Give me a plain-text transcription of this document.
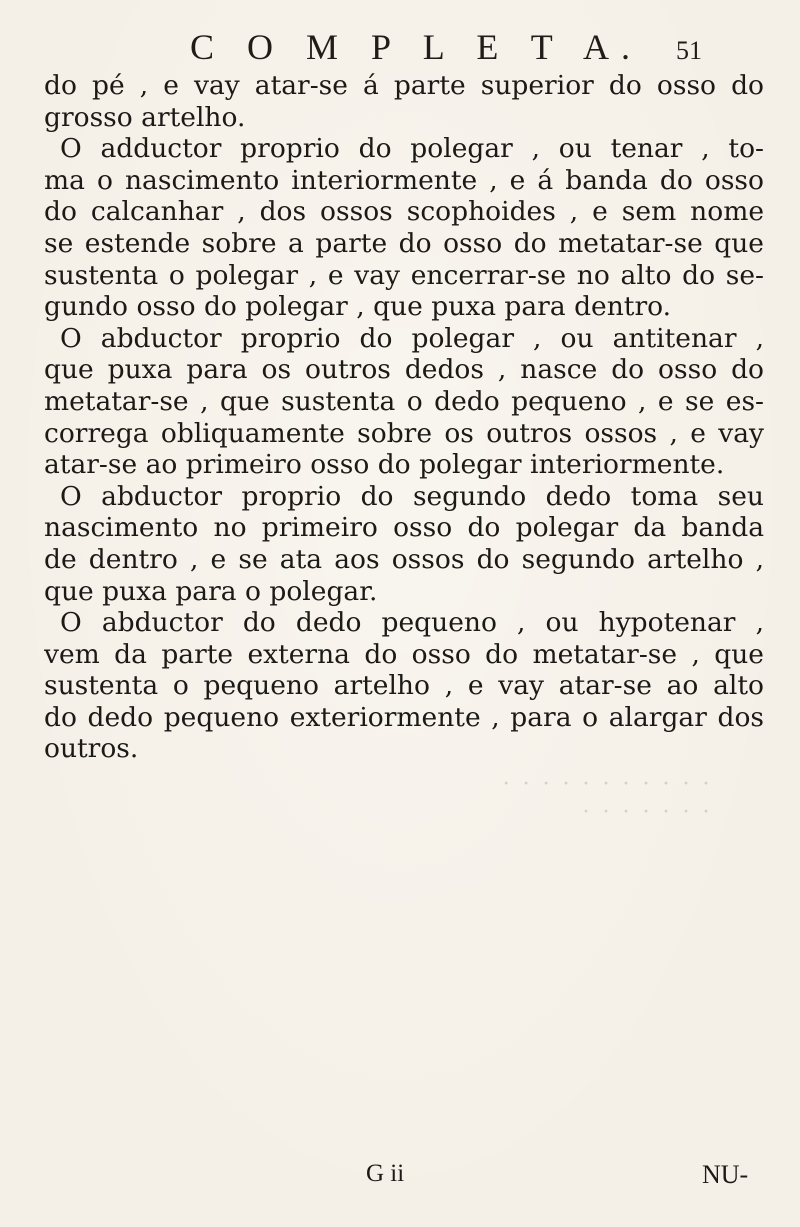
C O M P L E T A. 51
do pé , e vay atar-se á parte superior do osso do
grosso artelho.
O adductor proprio do polegar , ou tenar , to-
ma o nascimento interiormente , e á banda do osso
do calcanhar , dos ossos scophoides , e sem nome
se estende sobre a parte do osso do metatar-se que
sustenta o polegar , e vay encerrar-se no alto do se-
gundo osso do polegar , que puxa para dentro.
O abductor proprio do polegar , ou antitenar ,
que puxa para os outros dedos , nasce do osso do
metatar-se , que sustenta o dedo pequeno , e se es-
correga obliquamente sobre os outros ossos , e vay
atar-se ao primeiro osso do polegar interiormente.
O abductor proprio do segundo dedo toma seu
nascimento no primeiro osso do polegar da banda
de dentro , e se ata aos ossos do segundo artelho ,
que puxa para o polegar.
O abductor do dedo pequeno , ou hypotenar ,
vem da parte externa do osso do metatar-se , que
sustenta o pequeno artelho , e vay atar-se ao alto
do dedo pequeno exteriormente , para o alargar dos
outros.
· · · · · · · · · · ·
· · · · · · ·
G ii	NU-
